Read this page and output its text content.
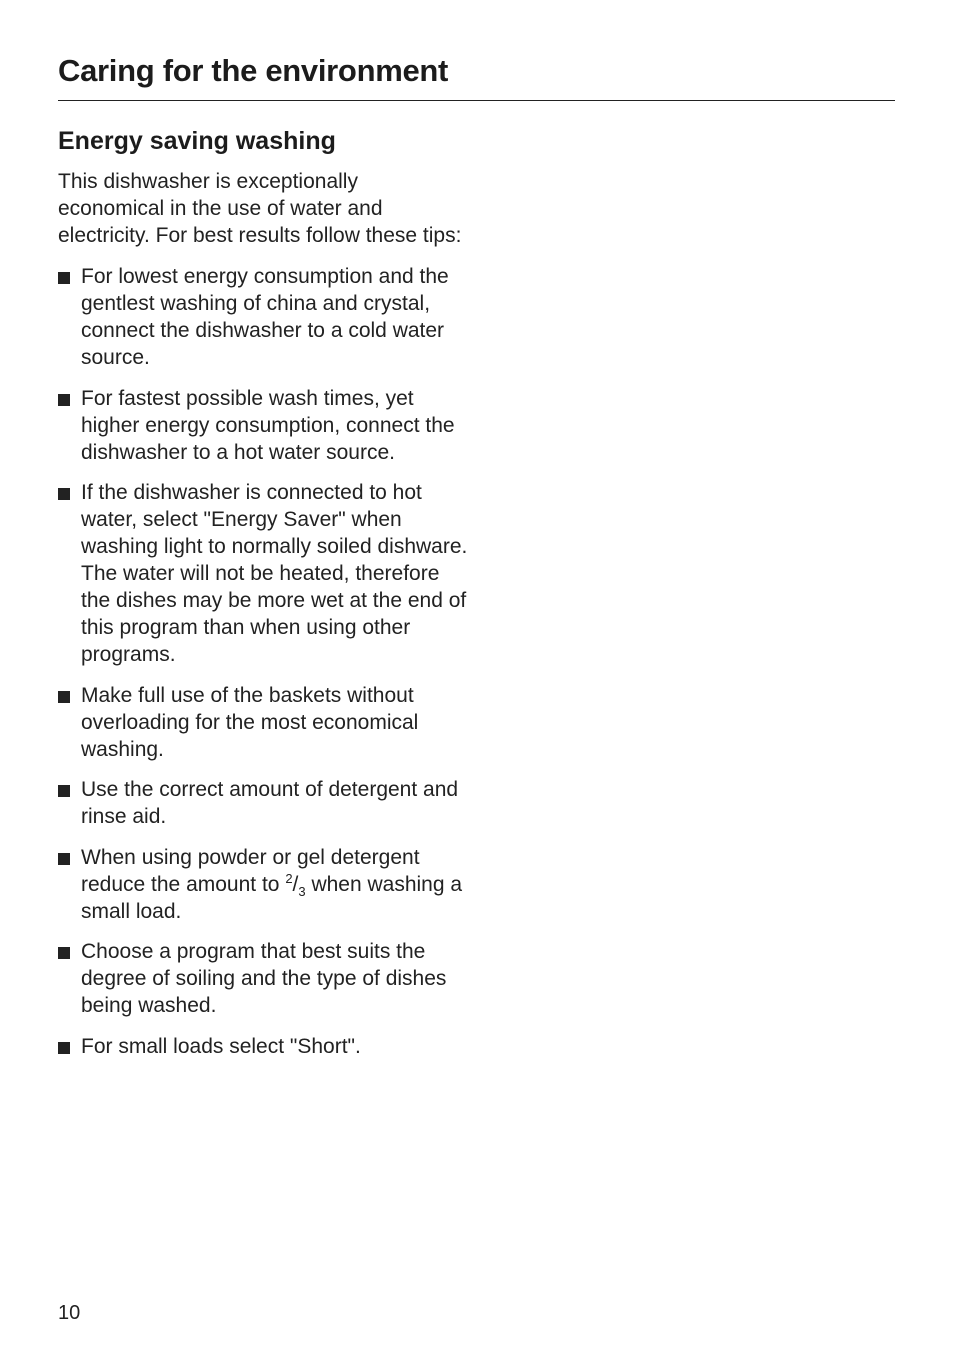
Caring for the environment
Energy saving washing

This dishwasher is exceptionally economical in the use of water and electricity. For best results follow these tips:

For lowest energy consumption and the gentlest washing of china and crystal, connect the dishwasher to a cold water source.
For fastest possible wash times, yet higher energy consumption, connect the dishwasher to a hot water source.
If the dishwasher is connected to hot water, select "Energy Saver" when washing light to normally soiled dishware. The water will not be heated, therefore the dishes may be more wet at the end of this program than when using other programs.
Make full use of the baskets without overloading for the most economical washing.
Use the correct amount of detergent and rinse aid.
When using powder or gel detergent reduce the amount to $^2/_3$ when washing a small load.
Choose a program that best suits the degree of soiling and the type of dishes being washed.
For small loads select "Short".
10
